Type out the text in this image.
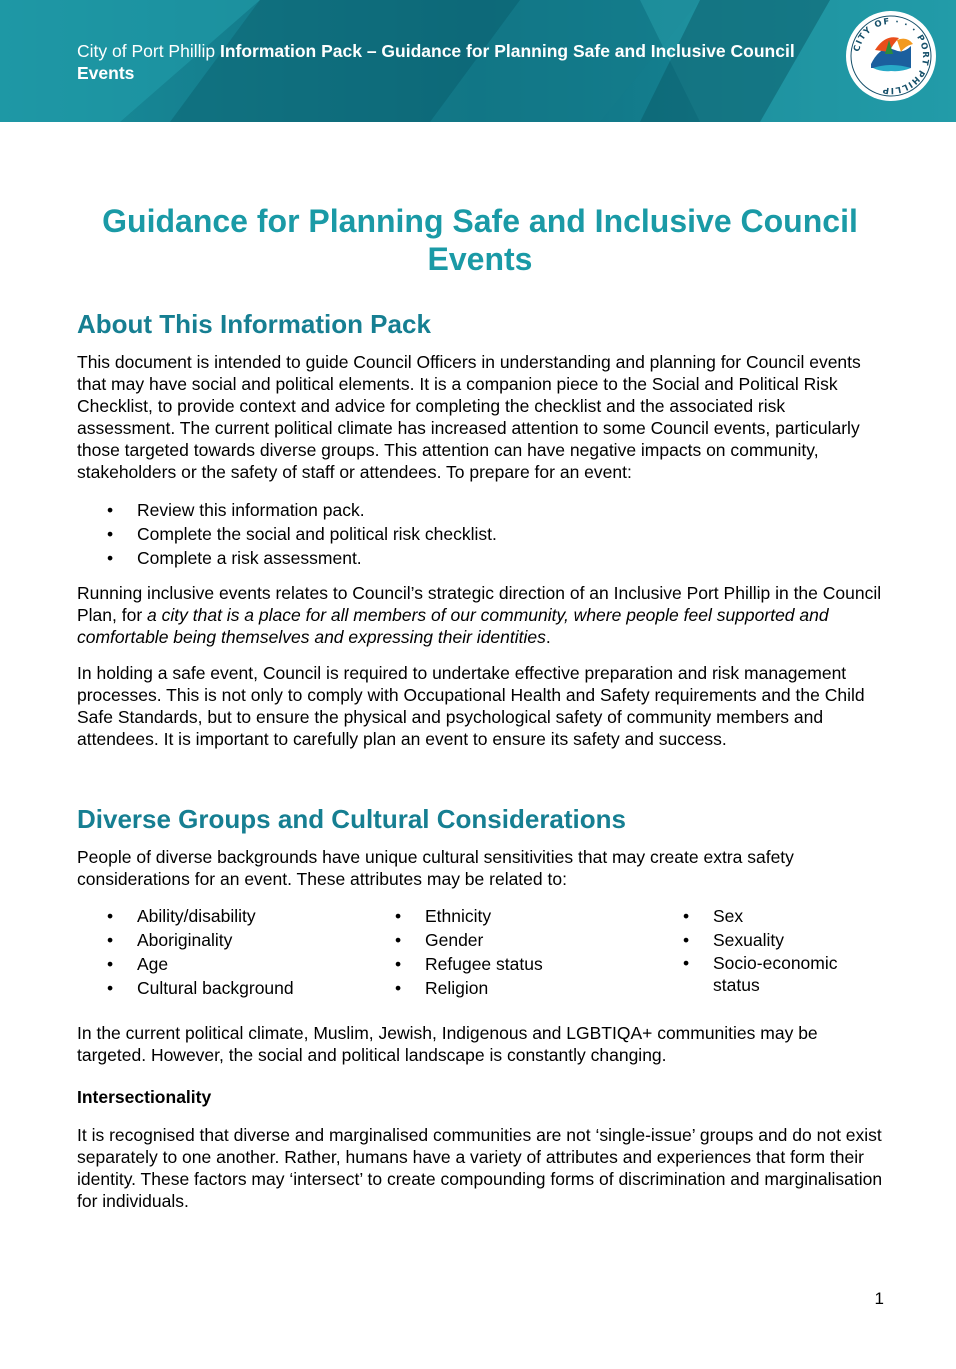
City of Port Phillip Information Pack – Guidance for Planning Safe and Inclusive Council Events
CITY OF · · · PORT PHILLIP
Guidance for Planning Safe and Inclusive Council Events
About This Information Pack

This document is intended to guide Council Officers in understanding and planning for Council events that may have social and political elements. It is a companion piece to the Social and Political Risk Checklist, to provide context and advice for completing the checklist and the associated risk assessment. The current political climate has increased attention to some Council events, particularly those targeted towards diverse groups. This attention can have negative impacts on community, stakeholders or the safety of staff or attendees. To prepare for an event:

• Review this information pack.
• Complete the social and political risk checklist.
• Complete a risk assessment.

Running inclusive events relates to Council’s strategic direction of an Inclusive Port Phillip in the Council Plan, for a city that is a place for all members of our community, where people feel supported and comfortable being themselves and expressing their identities.

In holding a safe event, Council is required to undertake effective preparation and risk management processes. This is not only to comply with Occupational Health and Safety requirements and the Child Safe Standards, but to ensure the physical and psychological safety of community members and attendees. It is important to carefully plan an event to ensure its safety and success.

Diverse Groups and Cultural Considerations

People of diverse backgrounds have unique cultural sensitivities that may create extra safety considerations for an event. These attributes may be related to:

• Ability/disability
• Aboriginality
• Age
• Cultural background
• Ethnicity
• Gender
• Refugee status
• Religion
• Sex
• Sexuality
• Socio-economic status

In the current political climate, Muslim, Jewish, Indigenous and LGBTIQA+ communities may be targeted. However, the social and political landscape is constantly changing.

Intersectionality

It is recognised that diverse and marginalised communities are not ‘single-issue’ groups and do not exist separately to one another. Rather, humans have a variety of attributes and experiences that form their identity. These factors may ‘intersect’ to create compounding forms of discrimination and marginalisation for individuals.

1
